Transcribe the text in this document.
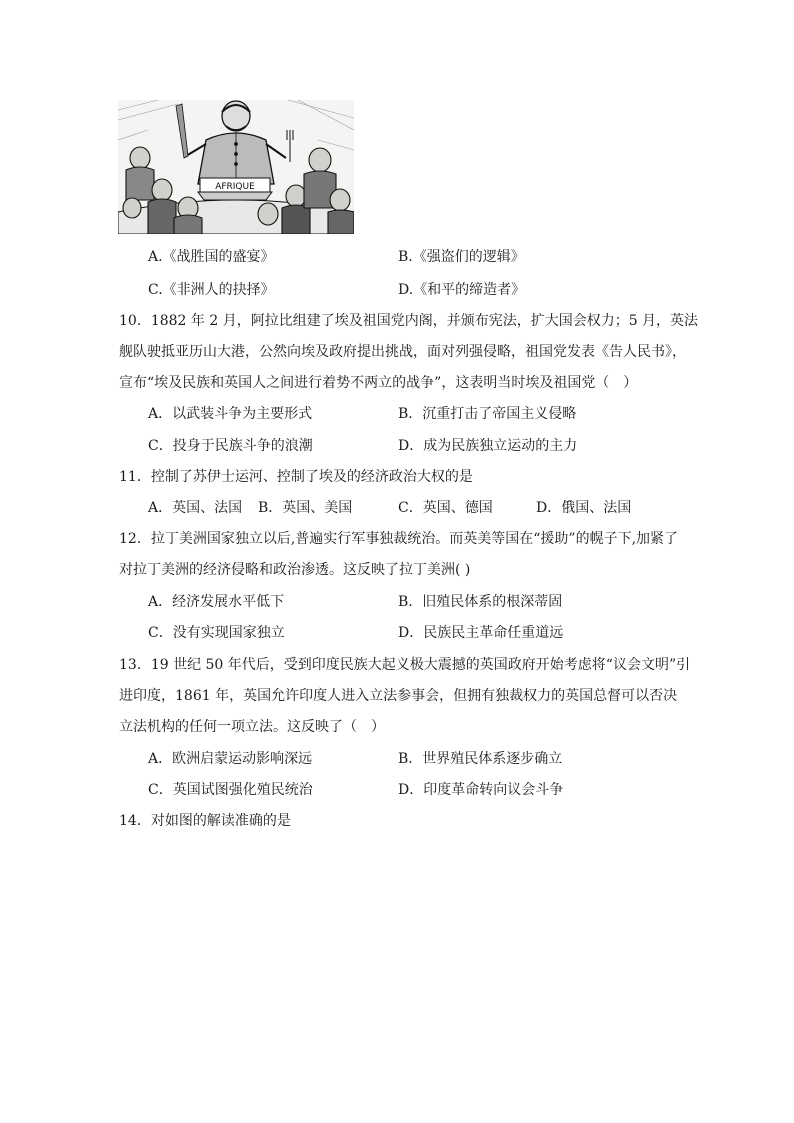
AFRIQUE
A.《战胜国的盛宴》	B.《强盗们的逻辑》
C.《非洲人的抉择》	D.《和平的缔造者》
10．1882 年 2 月，阿拉比组建了埃及祖国党内阁，并颁布宪法，扩大国会权力；5 月，英法
舰队驶抵亚历山大港，公然向埃及政府提出挑战，面对列强侵略，祖国党发表《告人民书》，
宣布“埃及民族和英国人之间进行着势不两立的战争”，这表明当时埃及祖国党（　）
A．以武装斗争为主要形式	B．沉重打击了帝国主义侵略
C．投身于民族斗争的浪潮	D．成为民族独立运动的主力
11．控制了苏伊士运河、控制了埃及的经济政治大权的是
A．英国、法国 B．英国、美国	C．英国、德国	D．俄国、法国
12．拉丁美洲国家独立以后,普遍实行军事独裁统治。而英美等国在“援助”的幌子下,加紧了
对拉丁美洲的经济侵略和政治渗透。这反映了拉丁美洲( )
A．经济发展水平低下	B．旧殖民体系的根深蒂固
C．没有实现国家独立	D．民族民主革命任重道远
13．19 世纪 50 年代后，受到印度民族大起义极大震撼的英国政府开始考虑将“议会文明”引
进印度，1861 年，英国允许印度人进入立法参事会，但拥有独裁权力的英国总督可以否决
立法机构的任何一项立法。这反映了（　）
A．欧洲启蒙运动影响深远	B．世界殖民体系逐步确立
C．英国试图强化殖民统治	D．印度革命转向议会斗争
14．对如图的解读准确的是
